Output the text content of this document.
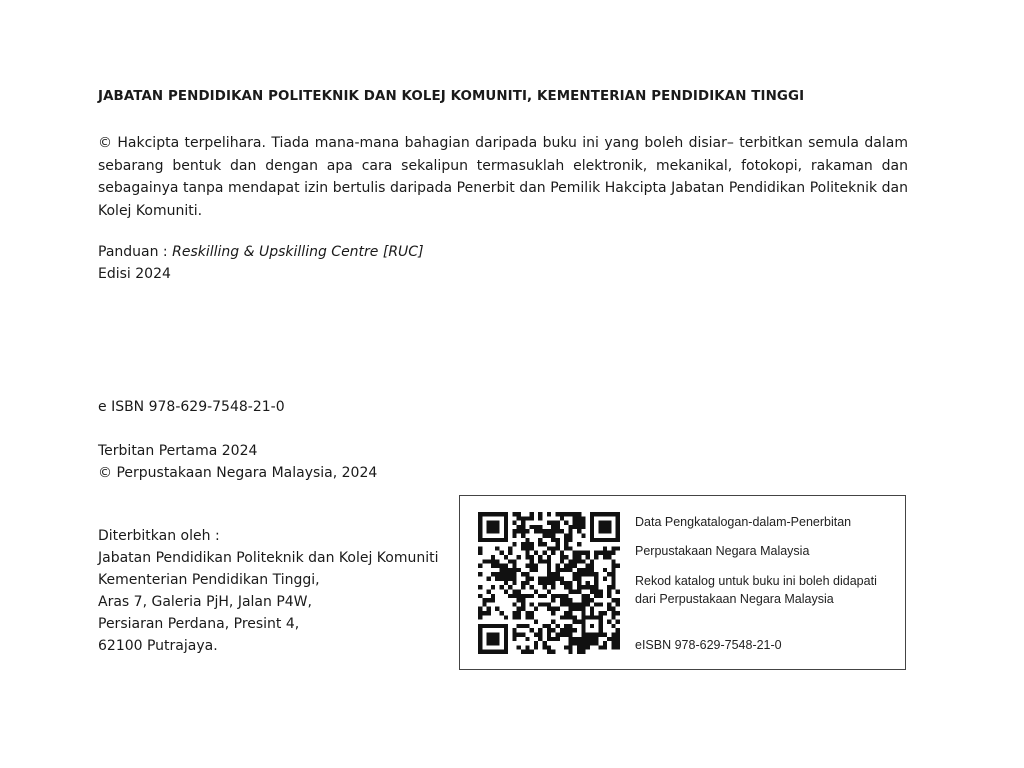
JABATAN PENDIDIKAN POLITEKNIK DAN KOLEJ KOMUNITI, KEMENTERIAN PENDIDIKAN TINGGI

© Hakcipta terpelihara. Tiada mana-mana bahagian daripada buku ini yang boleh disiar– terbitkan semula dalam sebarang bentuk dan dengan apa cara sekalipun termasuklah elektronik, mekanikal, fotokopi, rakaman dan sebagainya tanpa mendapat izin bertulis daripada Penerbit dan Pemilik Hakcipta Jabatan Pendidikan Politeknik dan Kolej Komuniti.

Panduan : Reskilling & Upskilling Centre [RUC]
Edisi 2024
e ISBN 978-629-7548-21-0
Terbitan Pertama 2024
© Perpustakaan Negara Malaysia, 2024
Diterbitkan oleh :
Jabatan Pendidikan Politeknik dan Kolej Komuniti
Kementerian Pendidikan Tinggi,
Aras 7, Galeria PjH, Jalan P4W,
Persiaran Perdana, Presint 4,
62100 Putrajaya.
Data Pengkatalogan-dalam-Penerbitan
Perpustakaan Negara Malaysia
Rekod katalog untuk buku ini boleh didapati
dari Perpustakaan Negara Malaysia
eISBN 978-629-7548-21-0
